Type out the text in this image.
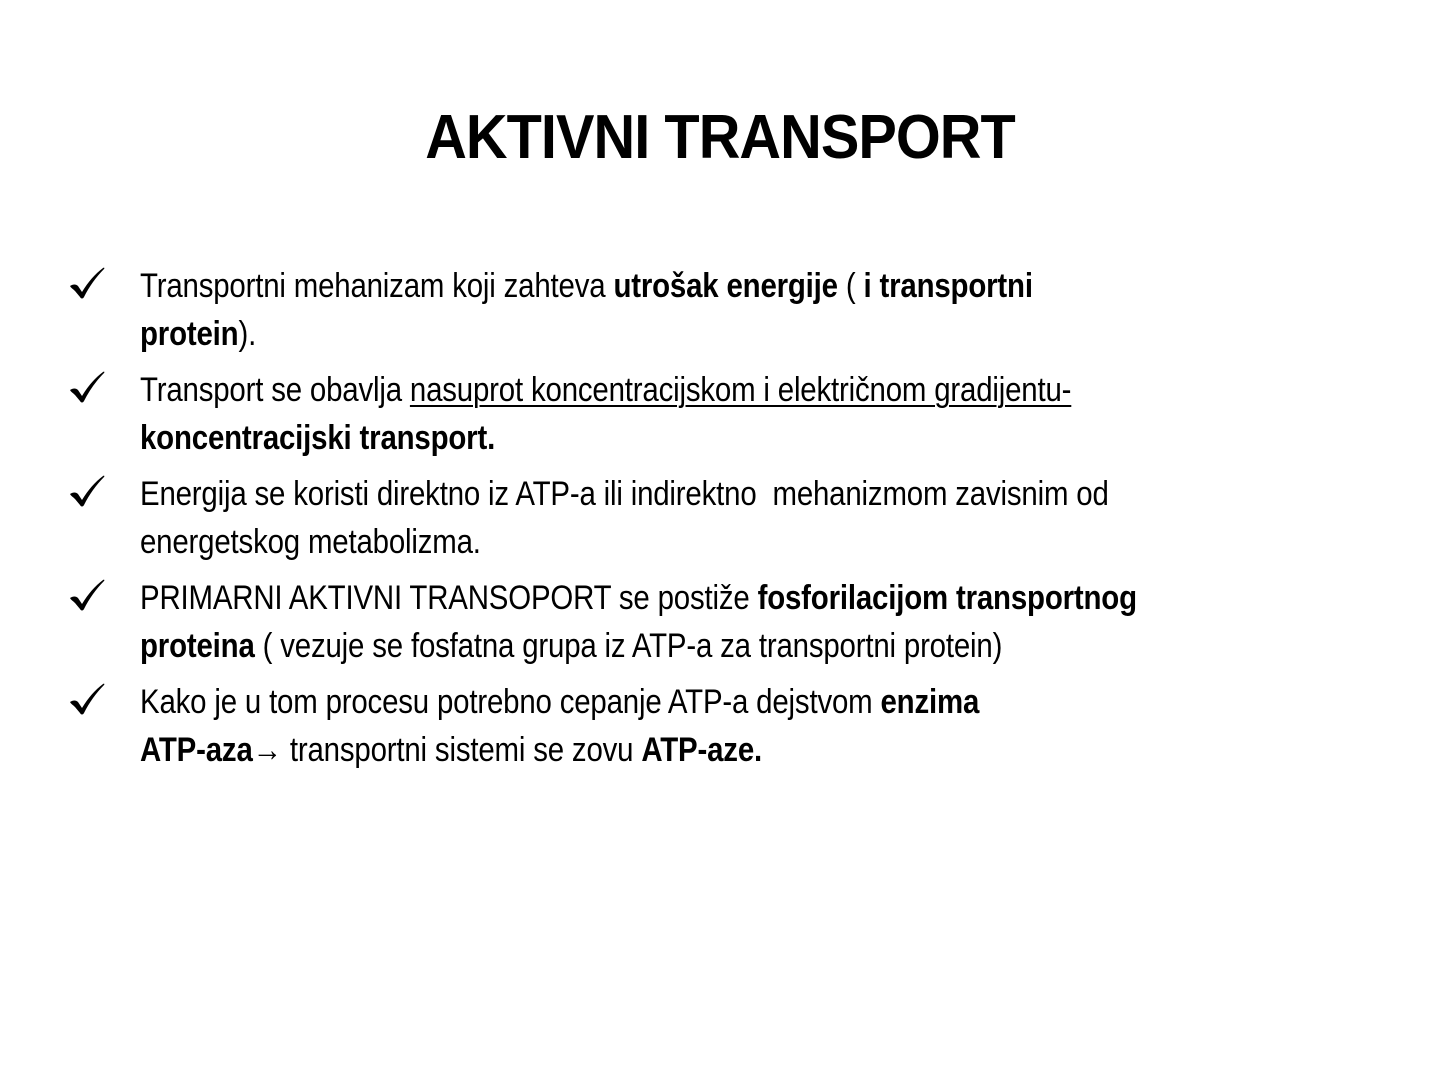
AKTIVNI TRANSPORT
Transportni mehanizam koji zahteva utrošak energije ( i transportni
protein).
Transport se obavlja nasuprot koncentracijskom i električnom gradijentu-
koncentracijski transport.
Energija se koristi direktno iz ATP-a ili indirektno  mehanizmom zavisnim od
energetskog metabolizma.
PRIMARNI AKTIVNI TRANSOPORT se postiže fosforilacijom transportnog
proteina ( vezuje se fosfatna grupa iz ATP-a za transportni protein)
Kako je u tom procesu potrebno cepanje ATP-a dejstvom enzima
ATP-aza→ transportni sistemi se zovu ATP-aze.
